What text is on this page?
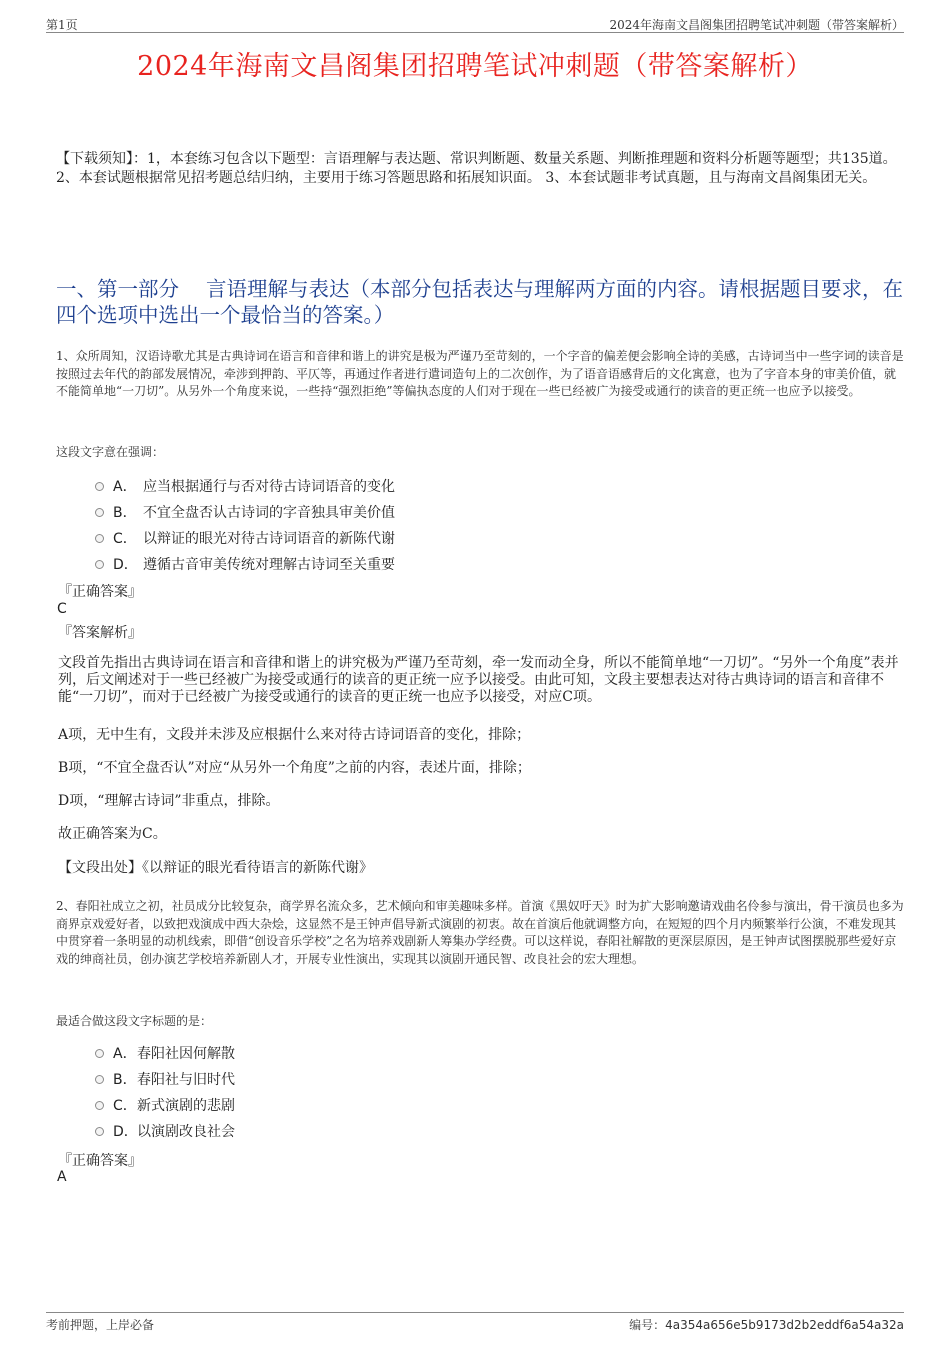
第1页	2024年海南文昌阁集团招聘笔试冲刺题（带答案解析）
2024年海南文昌阁集团招聘笔试冲刺题（带答案解析）
【下载须知】：1，本套练习包含以下题型：言语理解与表达题、常识判断题、数量关系题、判断推理题和资料分析题等题型；共135道。 2、本套试题根据常见招考题总结归纳，主要用于练习答题思路和拓展知识面。 3、本套试题非考试真题，且与海南文昌阁集团无关。
一、第一部分　 言语理解与表达（本部分包括表达与理解两方面的内容。请根据题目要求，在四个选项中选出一个最恰当的答案。）
1、众所周知，汉语诗歌尤其是古典诗词在语言和音律和谐上的讲究是极为严谨乃至苛刻的，一个字音的偏差便会影响全诗的美感，古诗词当中一些字词的读音是按照过去年代的韵部发展情况，牵涉到押韵、平仄等，再通过作者进行遣词造句上的二次创作，为了语音语感背后的文化寓意，也为了字音本身的审美价值，就不能简单地“一刀切”。从另外一个角度来说，一些持“强烈拒绝”等偏执态度的人们对于现在一些已经被广为接受或通行的读音的更正统一也应予以接受。
这段文字意在强调：
A． 应当根据通行与否对待古诗词语音的变化
B． 不宜全盘否认古诗词的字音独具审美价值
C． 以辩证的眼光对待古诗词语音的新陈代谢
D． 遵循古音审美传统对理解古诗词至关重要
『正确答案』
C
『答案解析』
文段首先指出古典诗词在语言和音律和谐上的讲究极为严谨乃至苛刻，牵一发而动全身，所以不能简单地“一刀切”。“另外一个角度”表并列，后文阐述对于一些已经被广为接受或通行的读音的更正统一应予以接受。由此可知，文段主要想表达对待古典诗词的语言和音律不能“一刀切”，而对于已经被广为接受或通行的读音的更正统一也应予以接受，对应C项。
A项，无中生有，文段并未涉及应根据什么来对待古诗词语音的变化，排除；
B项，“不宜全盘否认”对应“从另外一个角度”之前的内容，表述片面，排除；
D项，“理解古诗词”非重点，排除。
故正确答案为C。
【文段出处】《以辩证的眼光看待语言的新陈代谢》
2、春阳社成立之初，社员成分比较复杂，商学界名流众多，艺术倾向和审美趣味多样。首演《黑奴吁天》时为扩大影响邀请戏曲名伶参与演出，骨干演员也多为商界京戏爱好者，以致把戏演成中西大杂烩，这显然不是王钟声倡导新式演剧的初衷。故在首演后他就调整方向，在短短的四个月内频繁举行公演，不难发现其中贯穿着一条明显的动机线索，即借“创设音乐学校”之名为培养戏剧新人筹集办学经费。可以这样说，春阳社解散的更深层原因，是王钟声试图摆脱那些爱好京戏的绅商社员，创办演艺学校培养新剧人才，开展专业性演出，实现其以演剧开通民智、改良社会的宏大理想。
最适合做这段文字标题的是：
A． 春阳社因何解散
B． 春阳社与旧时代
C． 新式演剧的悲剧
D． 以演剧改良社会
『正确答案』
A
考前押题，上岸必备	编号：4a354a656e5b9173d2b2eddf6a54a32a
